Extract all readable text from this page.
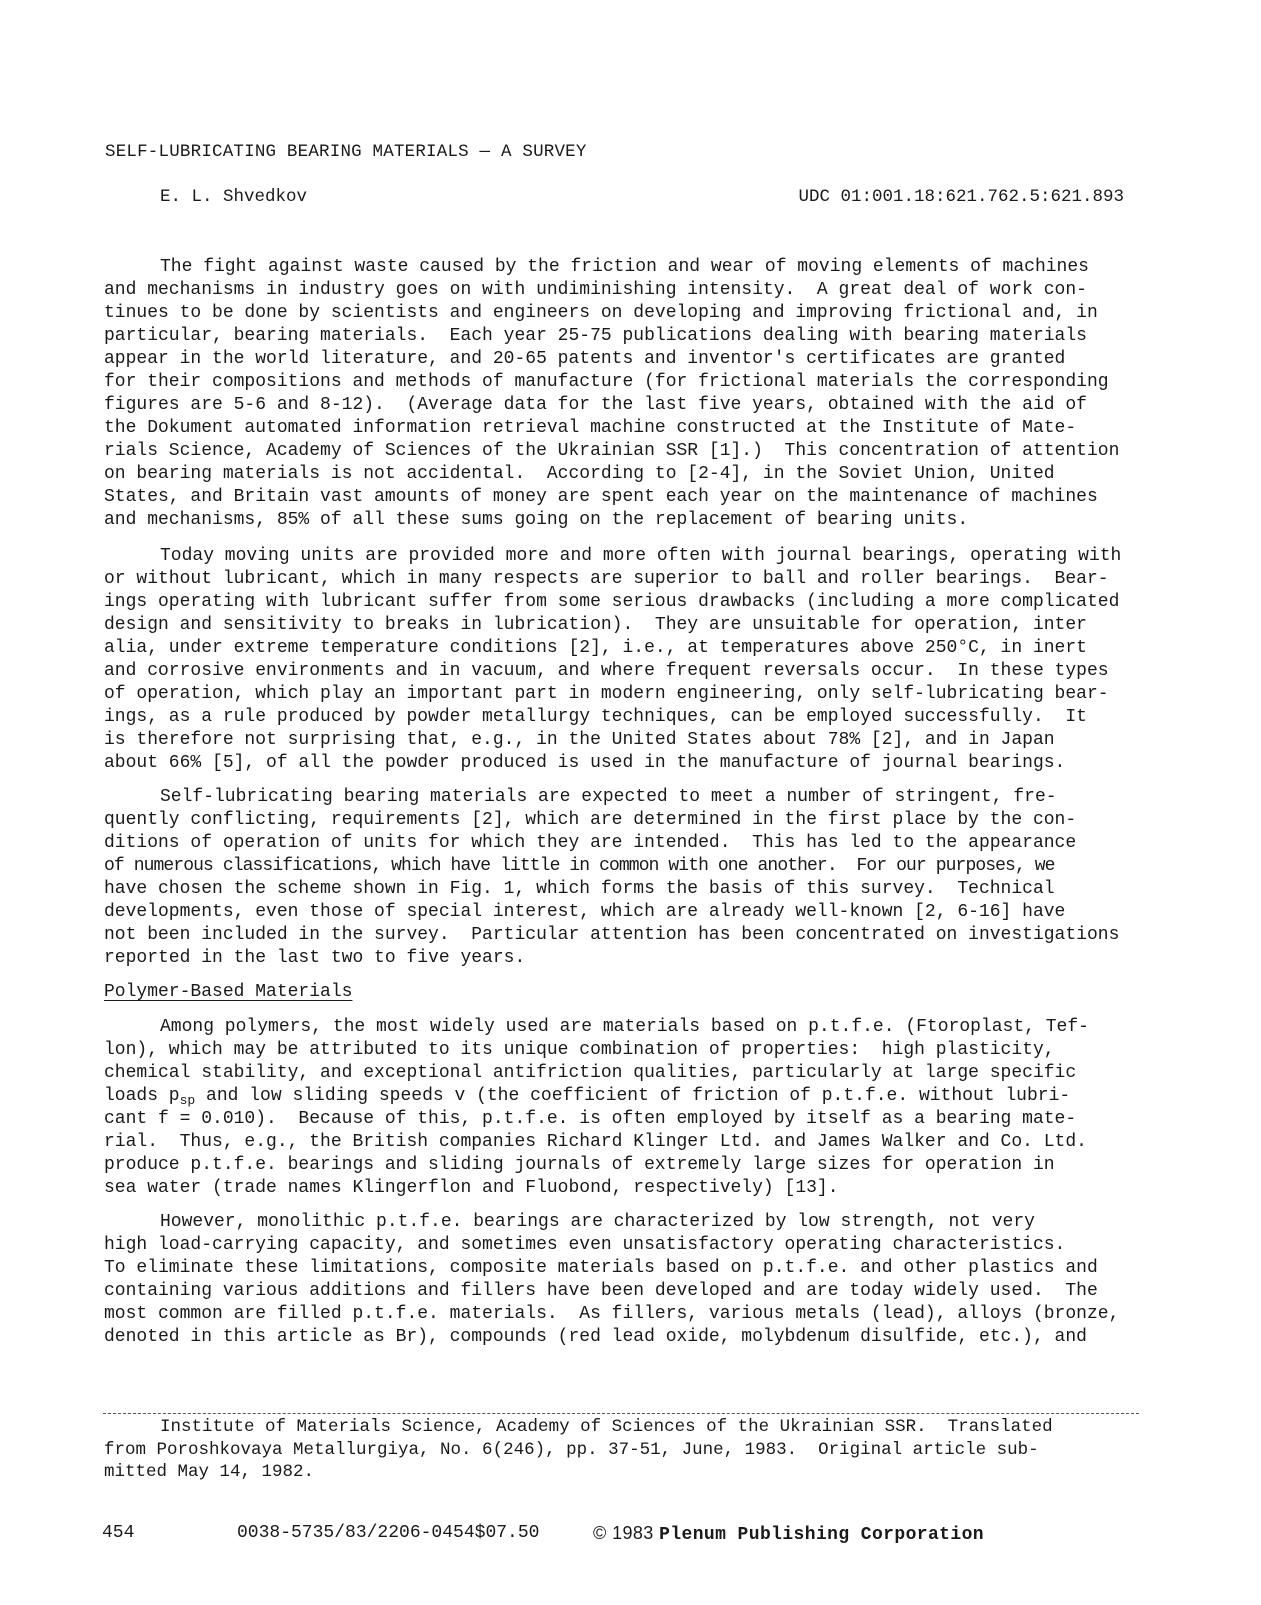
SELF-LUBRICATING BEARING MATERIALS — A SURVEY
E. L. Shvedkov	UDC 01:001.18:621.762.5:621.893
The fight against waste caused by the friction and wear of moving elements of machines
and mechanisms in industry goes on with undiminishing intensity.  A great deal of work con-
tinues to be done by scientists and engineers on developing and improving frictional and, in
particular, bearing materials.  Each year 25-75 publications dealing with bearing materials
appear in the world literature, and 20-65 patents and inventor's certificates are granted
for their compositions and methods of manufacture (for frictional materials the corresponding
figures are 5-6 and 8-12).  (Average data for the last five years, obtained with the aid of
the Dokument automated information retrieval machine constructed at the Institute of Mate-
rials Science, Academy of Sciences of the Ukrainian SSR [1].)  This concentration of attention
on bearing materials is not accidental.  According to [2-4], in the Soviet Union, United
States, and Britain vast amounts of money are spent each year on the maintenance of machines
and mechanisms, 85% of all these sums going on the replacement of bearing units.
Today moving units are provided more and more often with journal bearings, operating with
or without lubricant, which in many respects are superior to ball and roller bearings.  Bear-
ings operating with lubricant suffer from some serious drawbacks (including a more complicated
design and sensitivity to breaks in lubrication).  They are unsuitable for operation, inter
alia, under extreme temperature conditions [2], i.e., at temperatures above 250°C, in inert
and corrosive environments and in vacuum, and where frequent reversals occur.  In these types
of operation, which play an important part in modern engineering, only self-lubricating bear-
ings, as a rule produced by powder metallurgy techniques, can be employed successfully.  It
is therefore not surprising that, e.g., in the United States about 78% [2], and in Japan
about 66% [5], of all the powder produced is used in the manufacture of journal bearings.
Self-lubricating bearing materials are expected to meet a number of stringent, fre-
quently conflicting, requirements [2], which are determined in the first place by the con-
ditions of operation of units for which they are intended.  This has led to the appearance
of numerous classifications, which have little in common with one another.  For our purposes, we
have chosen the scheme shown in Fig. 1, which forms the basis of this survey.  Technical
developments, even those of special interest, which are already well-known [2, 6-16] have
not been included in the survey.  Particular attention has been concentrated on investigations
reported in the last two to five years.
Polymer-Based Materials
Among polymers, the most widely used are materials based on p.t.f.e. (Ftoroplast, Tef-
lon), which may be attributed to its unique combination of properties:  high plasticity,
chemical stability, and exceptional antifriction qualities, particularly at large specific
loads $p_{sp}$ and low sliding speeds v (the coefficient of friction of p.t.f.e. without lubri-
cant f = 0.010).  Because of this, p.t.f.e. is often employed by itself as a bearing mate-
rial.  Thus, e.g., the British companies Richard Klinger Ltd. and James Walker and Co. Ltd.
produce p.t.f.e. bearings and sliding journals of extremely large sizes for operation in
sea water (trade names Klingerflon and Fluobond, respectively) [13].
However, monolithic p.t.f.e. bearings are characterized by low strength, not very
high load-carrying capacity, and sometimes even unsatisfactory operating characteristics.
To eliminate these limitations, composite materials based on p.t.f.e. and other plastics and
containing various additions and fillers have been developed and are today widely used.  The
most common are filled p.t.f.e. materials.  As fillers, various metals (lead), alloys (bronze,
denoted in this article as Br), compounds (red lead oxide, molybdenum disulfide, etc.), and
Institute of Materials Science, Academy of Sciences of the Ukrainian SSR.  Translated
from Poroshkovaya Metallurgiya, No. 6(246), pp. 37-51, June, 1983.  Original article sub-
mitted May 14, 1982.
454	0038-5735/83/2206-0454$07.50	© 1983 Plenum Publishing Corporation
